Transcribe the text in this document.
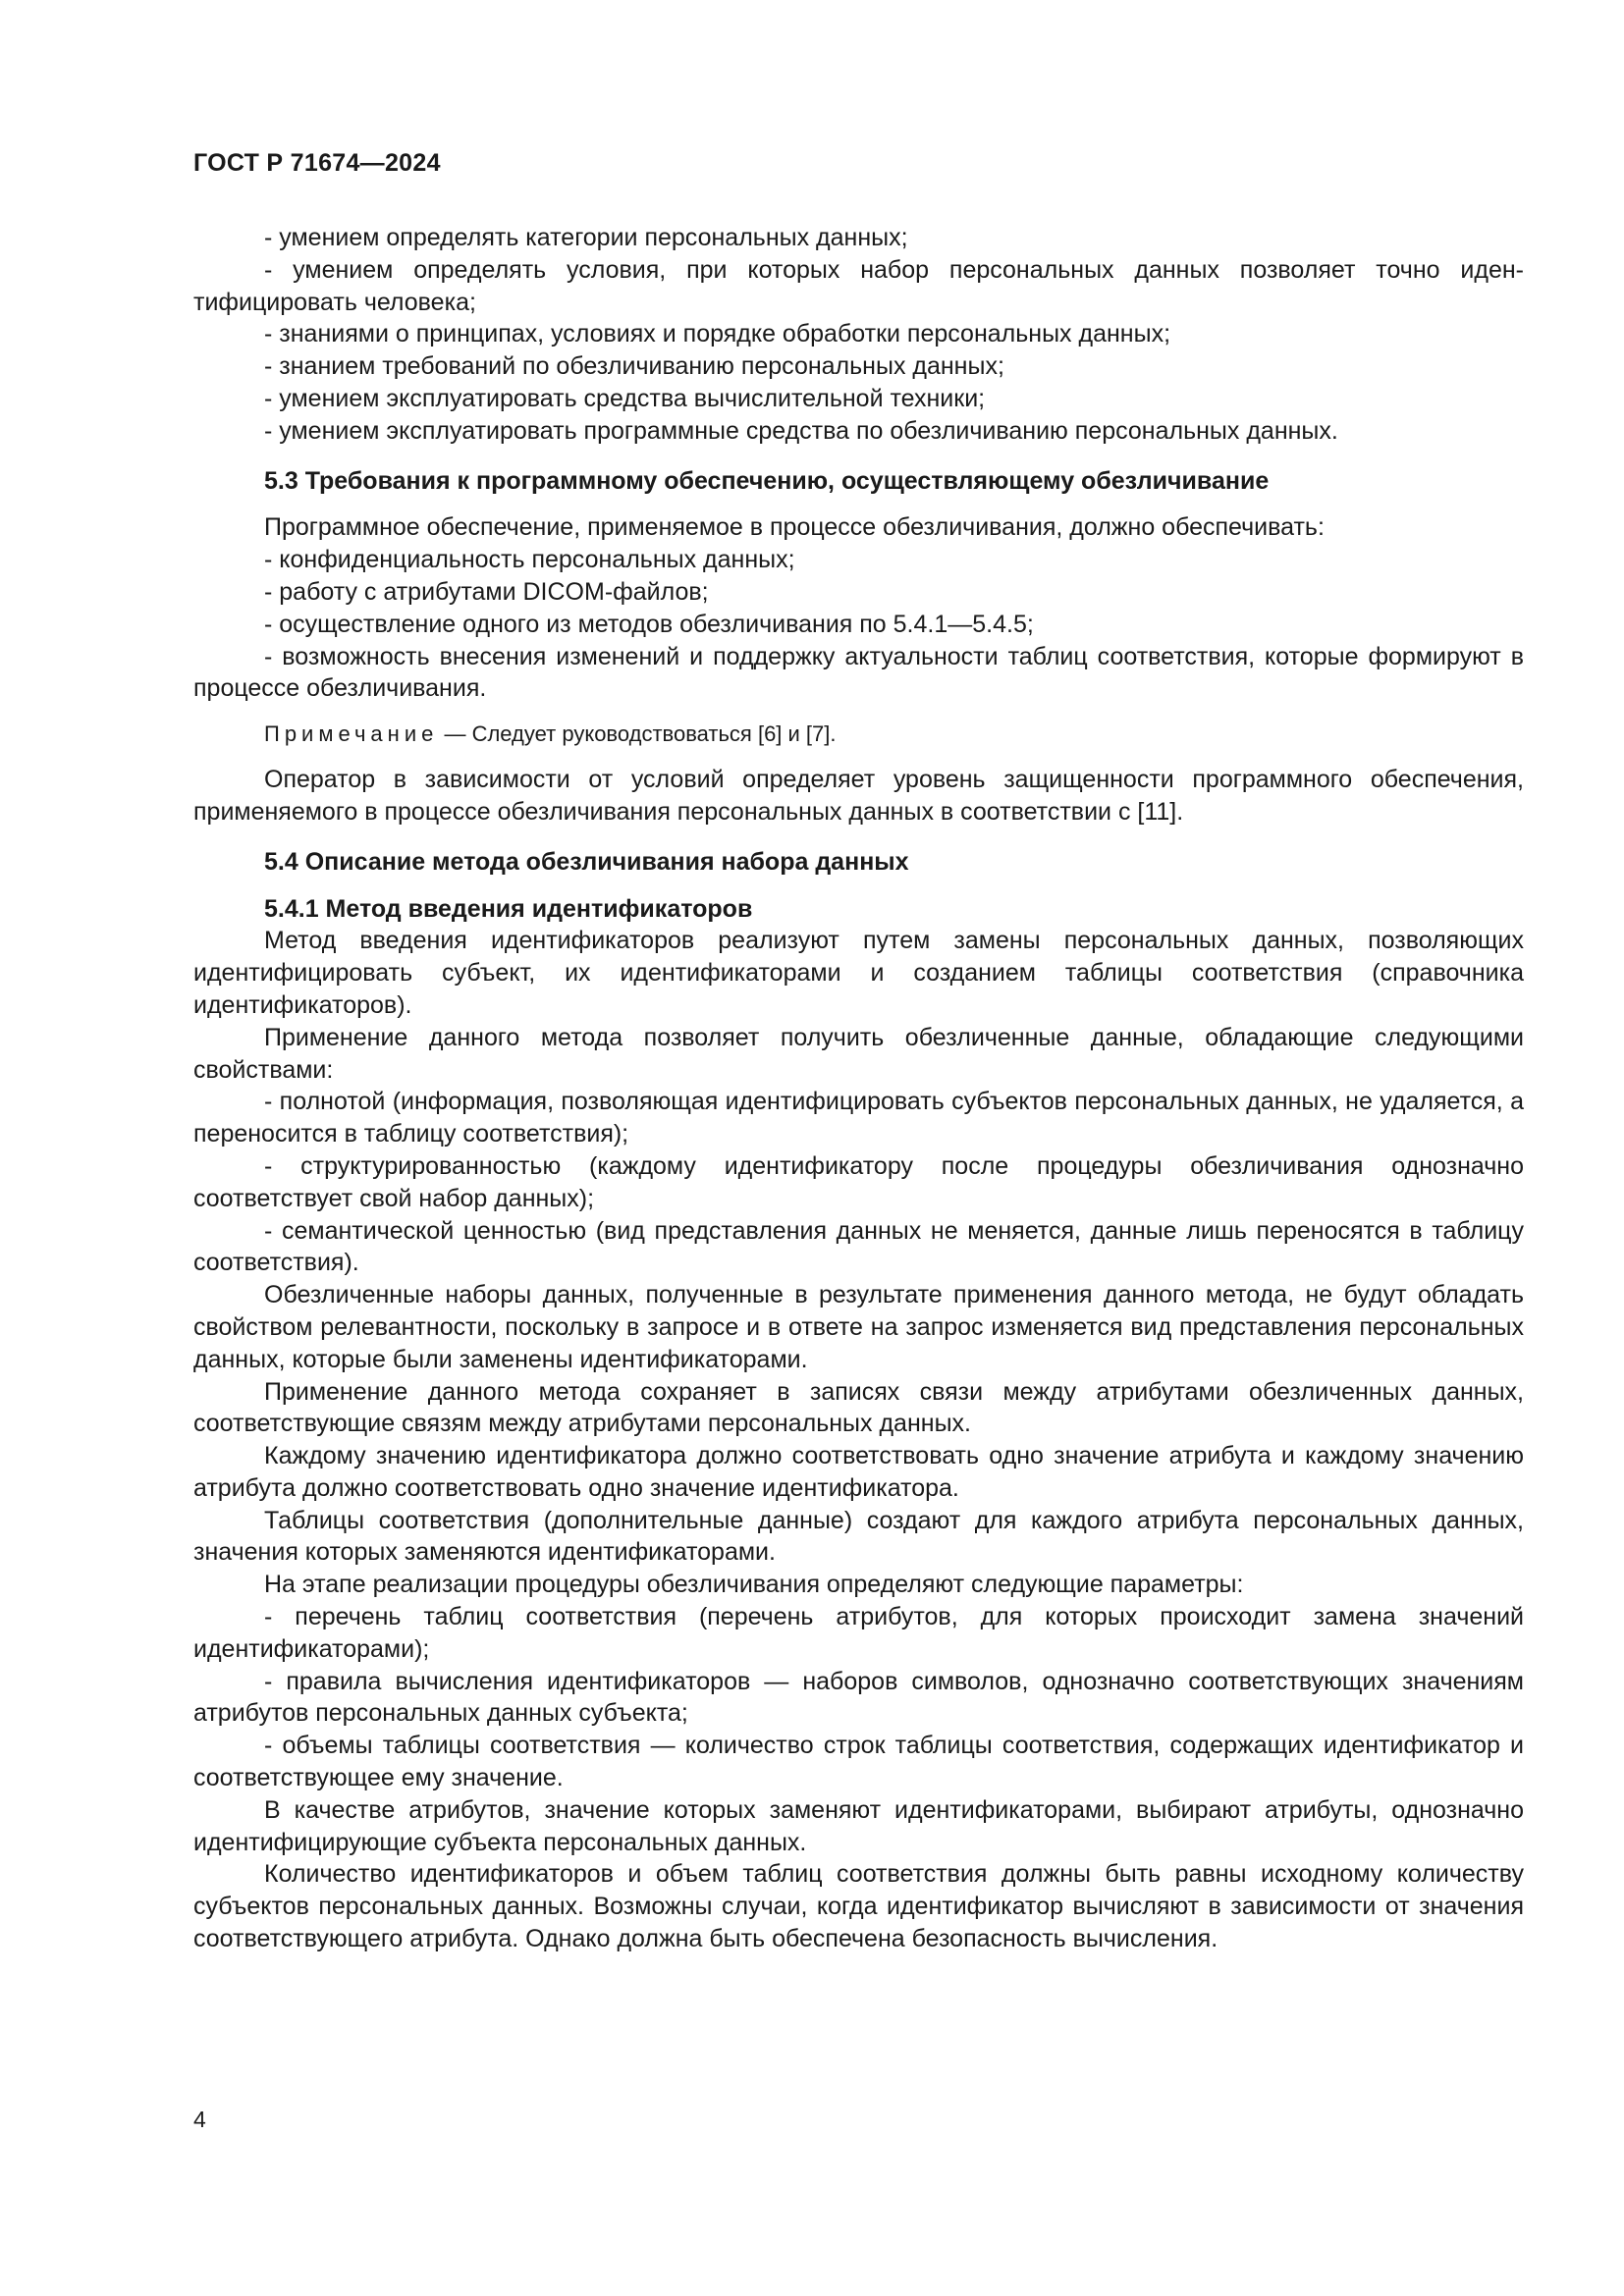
ГОСТ Р 71674—2024

- умением определять категории персональных данных;

- умением определять условия, при которых набор персональных данных позволяет точно идентифицировать человека;

- знаниями о принципах, условиях и порядке обработки персональных данных;

- знанием требований по обезличиванию персональных данных;

- умением эксплуатировать средства вычислительной техники;

- умением эксплуатировать программные средства по обезличиванию персональных данных.

5.3 Требования к программному обеспечению, осуществляющему обезличивание

Программное обеспечение, применяемое в процессе обезличивания, должно обеспечивать:

- конфиденциальность персональных данных;

- работу с атрибутами DICOM-файлов;

- осуществление одного из методов обезличивания по 5.4.1—5.4.5;

- возможность внесения изменений и поддержку актуальности таблиц соответствия, которые формируют в процессе обезличивания.

Примечание — Следует руководствоваться [6] и [7].

Оператор в зависимости от условий определяет уровень защищенности программного обеспечения, применяемого в процессе обезличивания персональных данных в соответствии с [11].

5.4 Описание метода обезличивания набора данных

5.4.1 Метод введения идентификаторов

Метод введения идентификаторов реализуют путем замены персональных данных, позволяющих идентифицировать субъект, их идентификаторами и созданием таблицы соответствия (справочника идентификаторов).

Применение данного метода позволяет получить обезличенные данные, обладающие следующими свойствами:

- полнотой (информация, позволяющая идентифицировать субъектов персональных данных, не удаляется, а переносится в таблицу соответствия);

- структурированностью (каждому идентификатору после процедуры обезличивания однозначно соответствует свой набор данных);

- семантической ценностью (вид представления данных не меняется, данные лишь переносятся в таблицу соответствия).

Обезличенные наборы данных, полученные в результате применения данного метода, не будут обладать свойством релевантности, поскольку в запросе и в ответе на запрос изменяется вид представления персональных данных, которые были заменены идентификаторами.

Применение данного метода сохраняет в записях связи между атрибутами обезличенных данных, соответствующие связям между атрибутами персональных данных.

Каждому значению идентификатора должно соответствовать одно значение атрибута и каждому значению атрибута должно соответствовать одно значение идентификатора.

Таблицы соответствия (дополнительные данные) создают для каждого атрибута персональных данных, значения которых заменяются идентификаторами.

На этапе реализации процедуры обезличивания определяют следующие параметры:

- перечень таблиц соответствия (перечень атрибутов, для которых происходит замена значений идентификаторами);

- правила вычисления идентификаторов — наборов символов, однозначно соответствующих значениям атрибутов персональных данных субъекта;

- объемы таблицы соответствия — количество строк таблицы соответствия, содержащих идентификатор и соответствующее ему значение.

В качестве атрибутов, значение которых заменяют идентификаторами, выбирают атрибуты, однозначно идентифицирующие субъекта персональных данных.

Количество идентификаторов и объем таблиц соответствия должны быть равны исходному количеству субъектов персональных данных. Возможны случаи, когда идентификатор вычисляют в зависимости от значения соответствующего атрибута. Однако должна быть обеспечена безопасность вычисления.

4
